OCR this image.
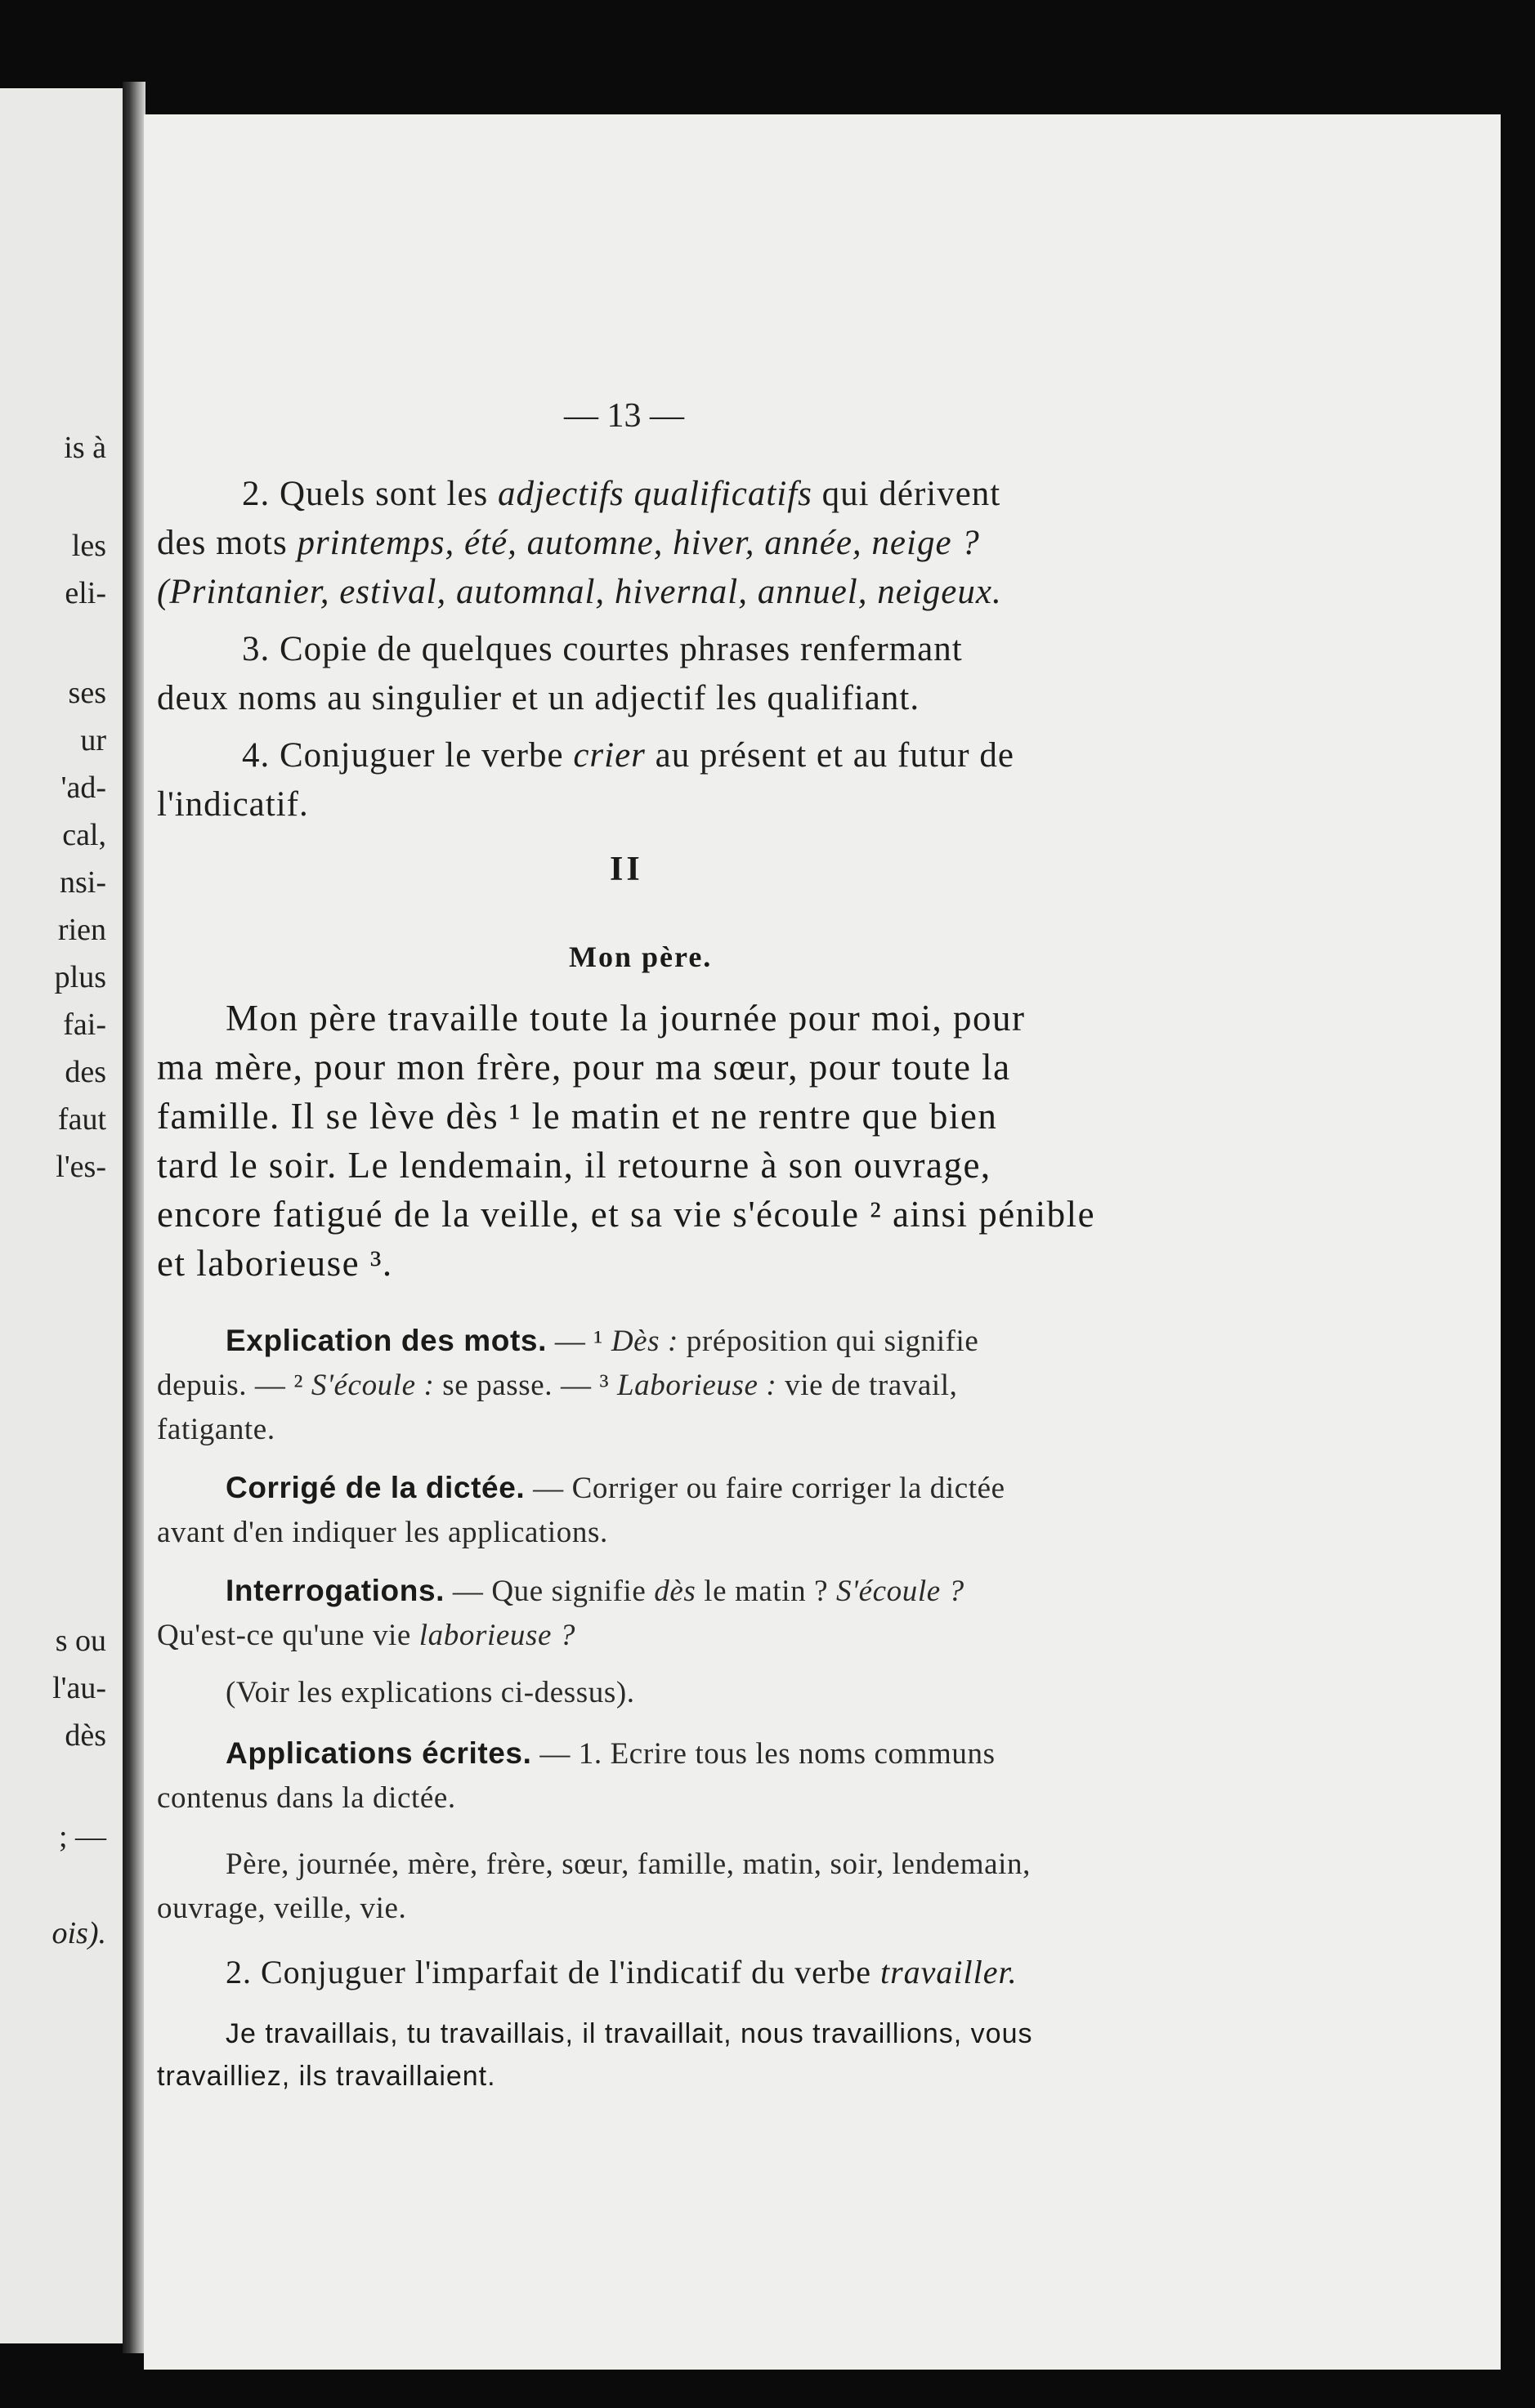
is à
les
eli-
ses
ur
'ad-
cal,
nsi-
rien
plus
fai-
des
faut
l'es-
s ou
l'au-
dès
; —
ois).
— 13 —
2. Quels sont les adjectifs qualificatifs qui dérivent
des mots printemps, été, automne, hiver, année, neige ?
(Printanier, estival, automnal, hivernal, annuel, neigeux.
3. Copie de quelques courtes phrases renfermant
deux noms au singulier et un adjectif les qualifiant.
4. Conjuguer le verbe crier au présent et au futur de
l'indicatif.
II
Mon père.
Mon père travaille toute la journée pour moi, pour
ma mère, pour mon frère, pour ma sœur, pour toute la
famille. Il se lève dès ¹ le matin et ne rentre que bien
tard le soir. Le lendemain, il retourne à son ouvrage,
encore fatigué de la veille, et sa vie s'écoule ² ainsi pénible
et laborieuse ³.
Explication des mots. — ¹ Dès : préposition qui signifie
depuis. — ² S'écoule : se passe. — ³ Laborieuse : vie de travail,
fatigante.
Corrigé de la dictée. — Corriger ou faire corriger la dictée
avant d'en indiquer les applications.
Interrogations. — Que signifie dès le matin ? S'écoule ?
Qu'est-ce qu'une vie laborieuse ?
(Voir les explications ci-dessus).
Applications écrites. — 1. Ecrire tous les noms communs
contenus dans la dictée.
Père, journée, mère, frère, sœur, famille, matin, soir, lendemain,
ouvrage, veille, vie.
2. Conjuguer l'imparfait de l'indicatif du verbe travailler.
Je travaillais, tu travaillais, il travaillait, nous travaillions, vous
travailliez, ils travaillaient.
